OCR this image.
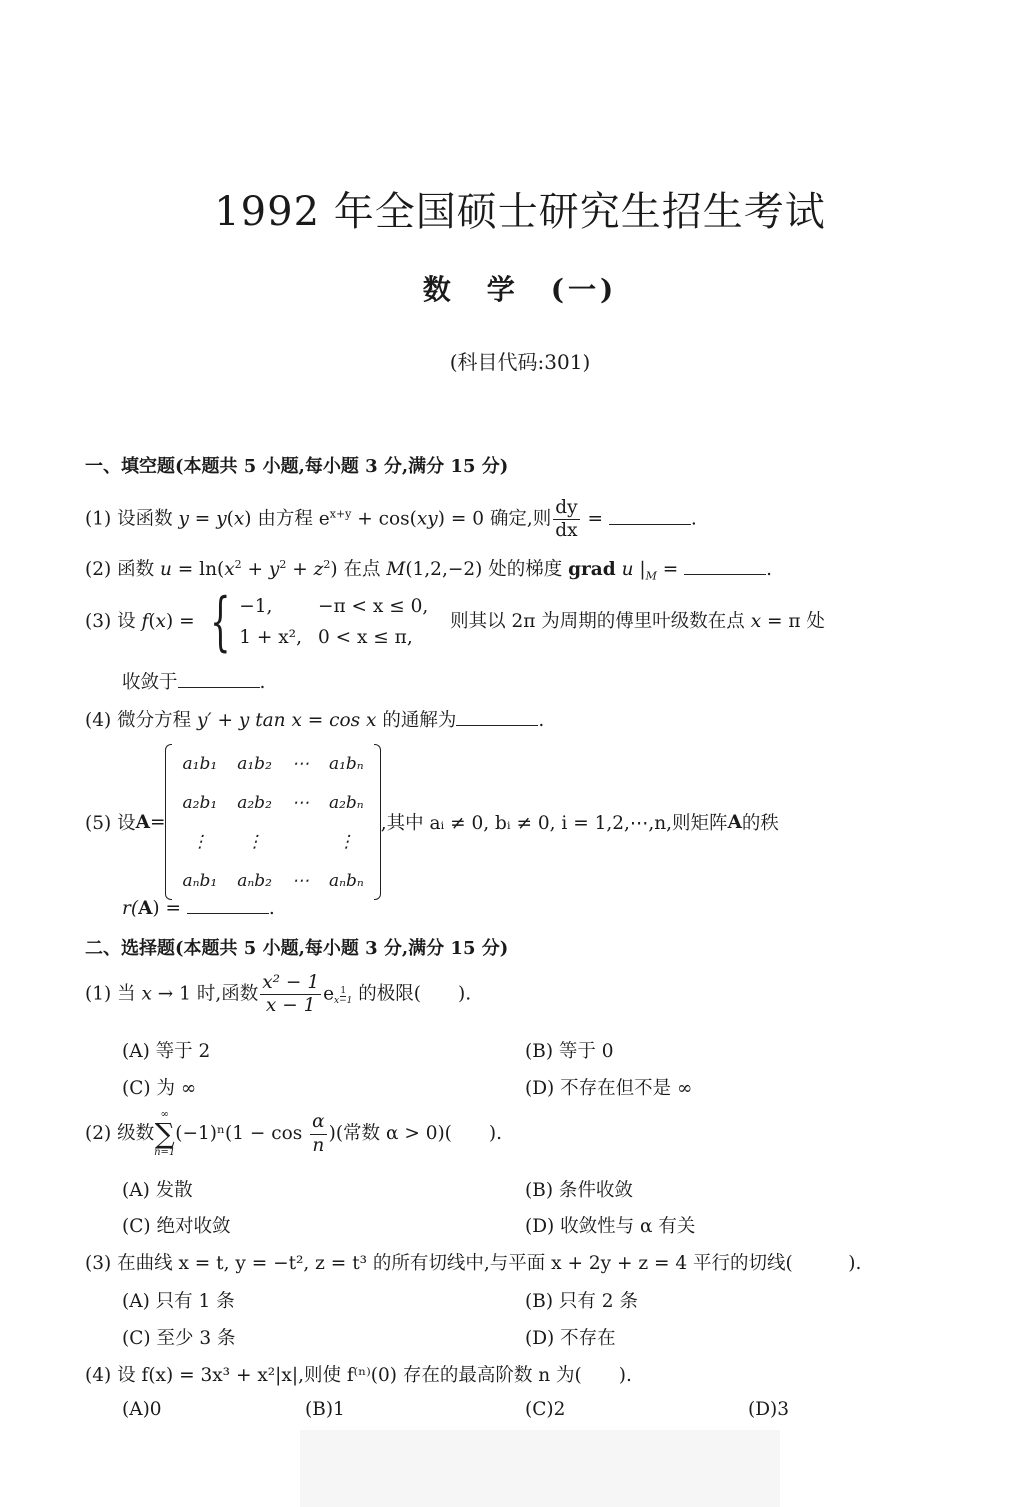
1992 年全国硕士研究生招生考试
数　学　(一)
(科目代码:301)
一、填空题(本题共 5 小题,每小题 3 分,满分 15 分)
(1) 设函数 y = y(x) 由方程 $e^{x+y} + \cos(xy) = 0$ 确定,则 $\frac{dy}{dx}$ =	.
(2) 函数 $u = \ln(x^2 + y^2 + z^2)$ 在点 M(1,2,−2) 处的梯度 grad u $|_M$ =	.
(3) 设 f(x) = { −1,	−π < x ≤ 0,
1 + x²,	0 < x ≤ π,
则其以 2π 为周期的傅里叶级数在点 x = π 处
收敛于	.
(4) 微分方程 y′ + y tan x = cos x 的通解为	.
(5) 设 A =
a₁b₁	a₁b₂	⋯	a₁bₙ
a₂b₁	a₂b₂	⋯	a₂bₙ
⋮	⋮		⋮
aₙb₁	aₙb₂	⋯	aₙbₙ
,其中 aᵢ ≠ 0, bᵢ ≠ 0, i = 1,2,⋯,n,则矩阵 A 的秩
r(A) =	.
二、选择题(本题共 5 小题,每小题 3 分,满分 15 分)
(1) 当 x → 1 时,函数 $\frac{\text{x² − 1}}{x - 1}$ e $\frac{1}{x-1}$ 的极限(　　).
(A) 等于 2	(B) 等于 0
(C) 为 ∞	(D) 不存在但不是 ∞
(2) 级数
∞
∑
n=1
$(-1)^n(1 - \cos \frac{\alpha}{n}$ )(常数 α > 0)(　　).
(A) 发散	(B) 条件收敛
(C) 绝对收敛	(D) 收敛性与 α 有关
(3) 在曲线 x = t, y = −t², z = t³ 的所有切线中,与平面 x + 2y + z = 4 平行的切线(　　　).
(A) 只有 1 条	(B) 只有 2 条
(C) 至少 3 条	(D) 不存在
(4) 设 f(x) = 3x³ + x²|x|,则使 f⁽ⁿ⁾(0) 存在的最高阶数 n 为(　　).
(A)0	(B)1	(C)2	(D)3
